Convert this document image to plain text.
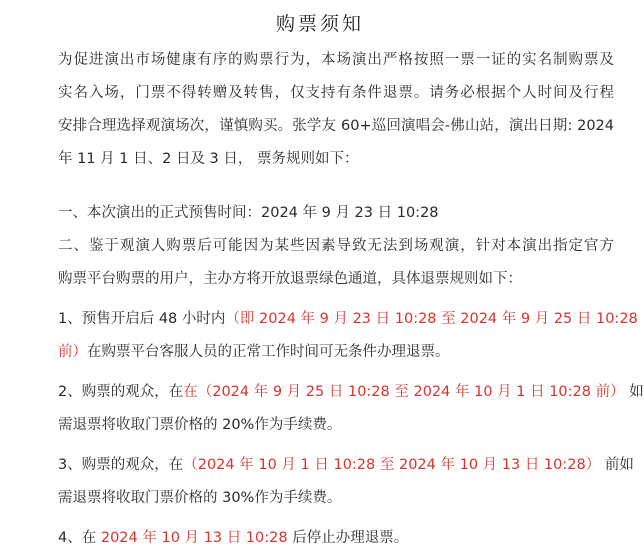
购票须知
为促进演出市场健康有序的购票行为，本场演出严格按照一票一证的实名制购票及
实名入场，门票不得转赠及转售，仅支持有条件退票。请务必根据个人时间及行程
安排合理选择观演场次，谨慎购买。张学友 60+巡回演唱会-佛山站，演出日期: 2024
年 11 月 1 日、2 日及 3 日， 票务规则如下：
一、本次演出的正式预售时间：2024 年 9 月 23 日 10:28
二、鉴于观演人购票后可能因为某些因素导致无法到场观演，针对本演出指定官方
购票平台购票的用户，主办方将开放退票绿色通道，具体退票规则如下：
1、预售开启后 48 小时内（即 2024 年 9 月 23 日 10:28 至 2024 年 9 月 25 日 10:28
前）在购票平台客服人员的正常工作时间可无条件办理退票。
2、购票的观众，在在（2024 年 9 月 25 日 10:28 至 2024 年 10 月 1 日 10:28 前） 如
需退票将收取门票价格的 20%作为手续费。
3、购票的观众，在（2024 年 10 月 1 日 10:28 至 2024 年 10 月 13 日 10:28） 前如
需退票将收取门票价格的 30%作为手续费。
4、在 2024 年 10 月 13 日 10:28 后停止办理退票。
